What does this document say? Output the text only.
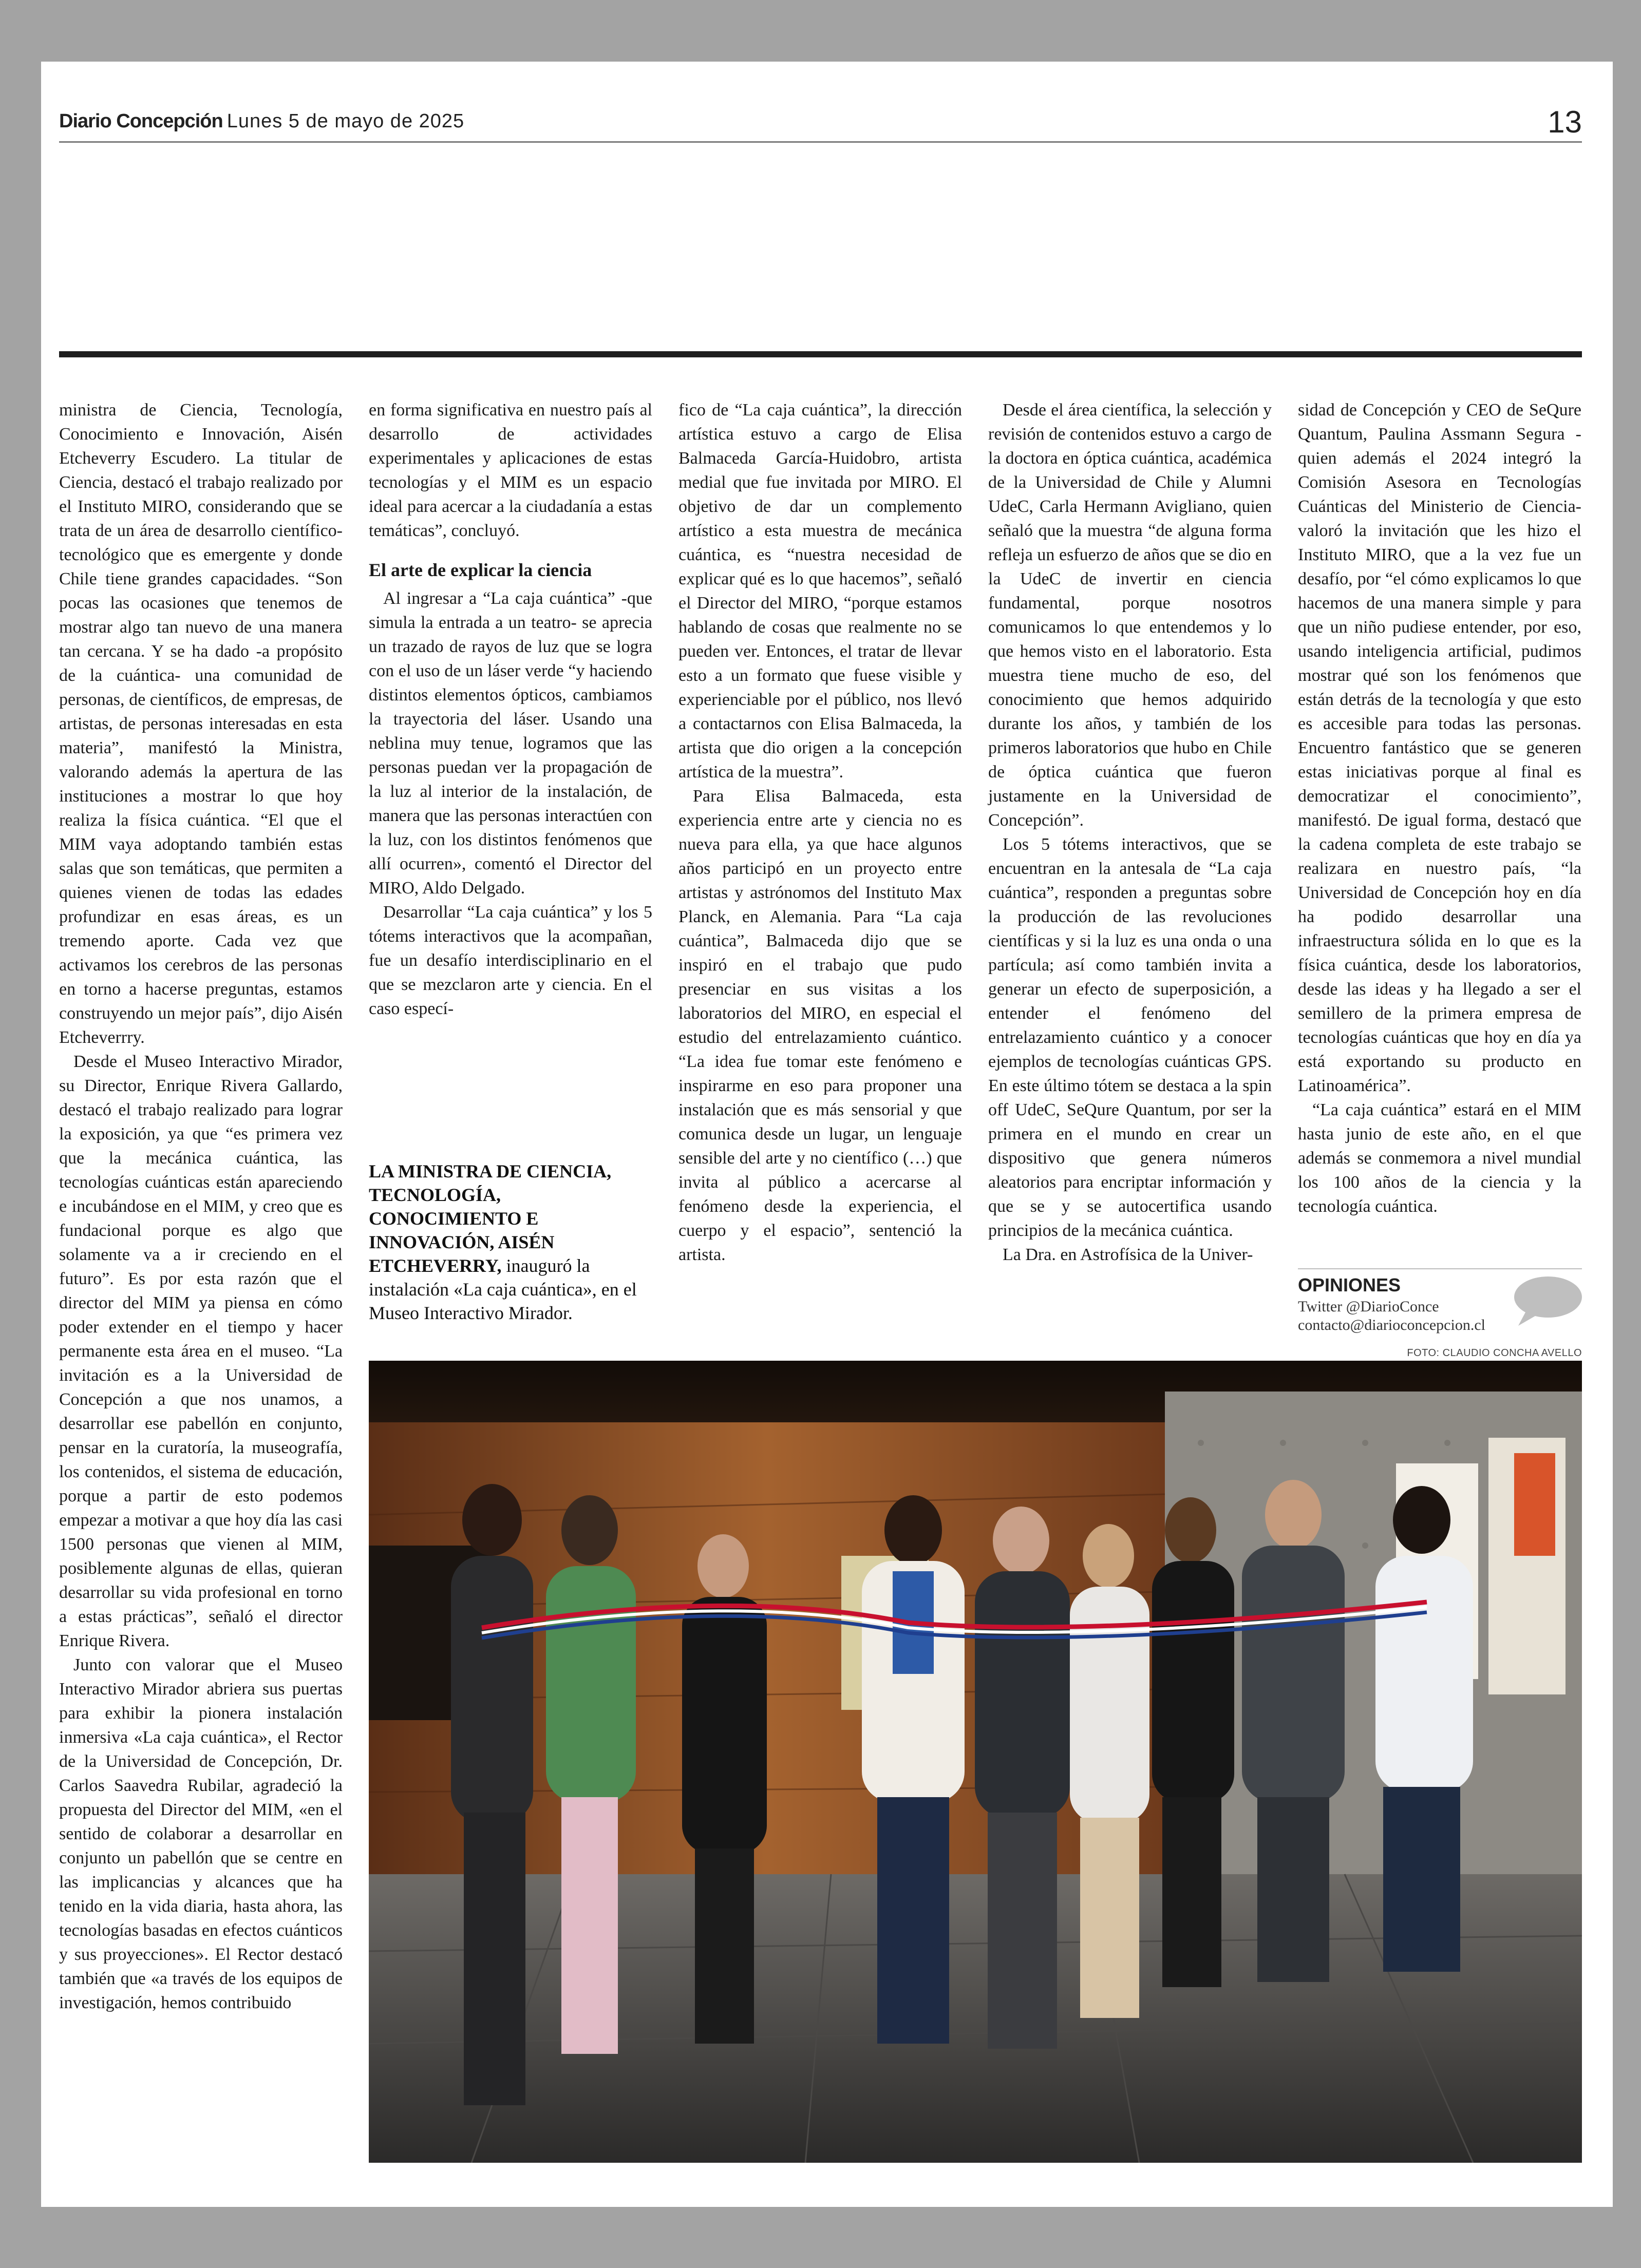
Diario Concepción Lunes 5 de mayo de 2025	13

ministra de Ciencia, Tecnología, Conocimiento e Innovación, Aisén Etcheverry Escudero. La titular de Ciencia, destacó el trabajo realizado por el Instituto MIRO, considerando que se trata de un área de desarrollo científico-tecnológico que es emergente y donde Chile tiene grandes capacidades. “Son pocas las ocasiones que tenemos de mostrar algo tan nuevo de una manera tan cercana. Y se ha dado -a propósito de la cuántica- una comunidad de personas, de científicos, de empresas, de artistas, de personas interesadas en esta materia”, manifestó la Ministra, valorando además la apertura de las instituciones a mostrar lo que hoy realiza la física cuántica. “El que el MIM vaya adoptando también estas salas que son temáticas, que permiten a quienes vienen de todas las edades profundizar en esas áreas, es un tremendo aporte. Cada vez que activamos los cerebros de las personas en torno a hacerse preguntas, estamos construyendo un mejor país”, dijo Aisén Etcheverrry.

Desde el Museo Interactivo Mirador, su Director, Enrique Rivera Gallardo, destacó el trabajo realizado para lograr la exposición, ya que “es primera vez que la mecánica cuántica, las tecnologías cuánticas están apareciendo e incubándose en el MIM, y creo que es fundacional porque es algo que solamente va a ir creciendo en el futuro”. Es por esta razón que el director del MIM ya piensa en cómo poder extender en el tiempo y hacer permanente esta área en el museo. “La invitación es a la Universidad de Concepción a que nos unamos, a desarrollar ese pabellón en conjunto, pensar en la curatoría, la museografía, los contenidos, el sistema de educación, porque a partir de esto podemos empezar a motivar a que hoy día las casi 1500 personas que vienen al MIM, posiblemente algunas de ellas, quieran desarrollar su vida profesional en torno a estas prácticas”, señaló el director Enrique Rivera.

Junto con valorar que el Museo Interactivo Mirador abriera sus puertas para exhibir la pionera instalación inmersiva «La caja cuántica», el Rector de la Universidad de Concepción, Dr. Carlos Saavedra Rubilar, agradeció la propuesta del Director del MIM, «en el sentido de colaborar a desarrollar en conjunto un pabellón que se centre en las implicancias y alcances que ha tenido en la vida diaria, hasta ahora, las tecnologías basadas en efectos cuánticos y sus proyecciones». El Rector destacó también que «a través de los equipos de investigación, hemos contribuido

en forma significativa en nuestro país al desarrollo de actividades experimentales y aplicaciones de estas tecnologías y el MIM es un espacio ideal para acercar a la ciudadanía a estas temáticas”, concluyó.

El arte de explicar la ciencia

Al ingresar a “La caja cuántica” -que simula la entrada a un teatro- se aprecia un trazado de rayos de luz que se logra con el uso de un láser verde “y haciendo distintos elementos ópticos, cambiamos la trayectoria del láser. Usando una neblina muy tenue, logramos que las personas puedan ver la propagación de la luz al interior de la instalación, de manera que las personas interactúen con la luz, con los distintos fenómenos que allí ocurren», comentó el Director del MIRO, Aldo Delgado.

Desarrollar “La caja cuántica” y los 5 tótems interactivos que la acompañan, fue un desafío interdisciplinario en el que se mezclaron arte y ciencia. En el caso especí-

LA MINISTRA DE CIENCIA, TECNOLOGÍA, CONOCIMIENTO E INNOVACIÓN, AISÉN ETCHEVERRY, inauguró la instalación «La caja cuántica», en el Museo Interactivo Mirador.

fico de “La caja cuántica”, la dirección artística estuvo a cargo de Elisa Balmaceda García-Huidobro, artista medial que fue invitada por MIRO. El objetivo de dar un complemento artístico a esta muestra de mecánica cuántica, es “nuestra necesidad de explicar qué es lo que hacemos”, señaló el Director del MIRO, “porque estamos hablando de cosas que realmente no se pueden ver. Entonces, el tratar de llevar esto a un formato que fuese visible y experienciable por el público, nos llevó a contactarnos con Elisa Balmaceda, la artista que dio origen a la concepción artística de la muestra”.

Para Elisa Balmaceda, esta experiencia entre arte y ciencia no es nueva para ella, ya que hace algunos años participó en un proyecto entre artistas y astrónomos del Instituto Max Planck, en Alemania. Para “La caja cuántica”, Balmaceda dijo que se inspiró en el trabajo que pudo presenciar en sus visitas a los laboratorios del MIRO, en especial el estudio del entrelazamiento cuántico. “La idea fue tomar este fenómeno e inspirarme en eso para proponer una instalación que es más sensorial y que comunica desde un lugar, un lenguaje sensible del arte y no científico (…) que invita al público a acercarse al fenómeno desde la experiencia, el cuerpo y el espacio”, sentenció la artista.

Desde el área científica, la selección y revisión de contenidos estuvo a cargo de la doctora en óptica cuántica, académica de la Universidad de Chile y Alumni UdeC, Carla Hermann Avigliano, quien señaló que la muestra “de alguna forma refleja un esfuerzo de años que se dio en la UdeC de invertir en ciencia fundamental, porque nosotros comunicamos lo que entendemos y lo que hemos visto en el laboratorio. Esta muestra tiene mucho de eso, del conocimiento que hemos adquirido durante los años, y también de los primeros laboratorios que hubo en Chile de óptica cuántica que fueron justamente en la Universidad de Concepción”.

Los 5 tótems interactivos, que se encuentran en la antesala de “La caja cuántica”, responden a preguntas sobre la producción de las revoluciones científicas y si la luz es una onda o una partícula; así como también invita a generar un efecto de superposición, a entender el fenómeno del entrelazamiento cuántico y a conocer ejemplos de tecnologías cuánticas GPS. En este último tótem se destaca a la spin off UdeC, SeQure Quantum, por ser la primera en el mundo en crear un dispositivo que genera números aleatorios para encriptar información y que se y se autocertifica usando principios de la mecánica cuántica.

La Dra. en Astrofísica de la Univer-

sidad de Concepción y CEO de SeQure Quantum, Paulina Assmann Segura -quien además el 2024 integró la Comisión Asesora en Tecnologías Cuánticas del Ministerio de Ciencia- valoró la invitación que les hizo el Instituto MIRO, que a la vez fue un desafío, por “el cómo explicamos lo que hacemos de una manera simple y para que un niño pudiese entender, por eso, usando inteligencia artificial, pudimos mostrar qué son los fenómenos que están detrás de la tecnología y que esto es accesible para todas las personas. Encuentro fantástico que se generen estas iniciativas porque al final es democratizar el conocimiento”, manifestó. De igual forma, destacó que la cadena completa de este trabajo se realizara en nuestro país, “la Universidad de Concepción hoy en día ha podido desarrollar una infraestructura sólida en lo que es la física cuántica, desde los laboratorios, desde las ideas y ha llegado a ser el semillero de la primera empresa de tecnologías cuánticas que hoy en día ya está exportando su producto en Latinoamérica”.

“La caja cuántica” estará en el MIM hasta junio de este año, en el que además se conmemora a nivel mundial los 100 años de la ciencia y la tecnología cuántica.

OPINIONES
Twitter @DiarioConce
contacto@diarioconcepcion.cl
FOTO: CLAUDIO CONCHA AVELLO
